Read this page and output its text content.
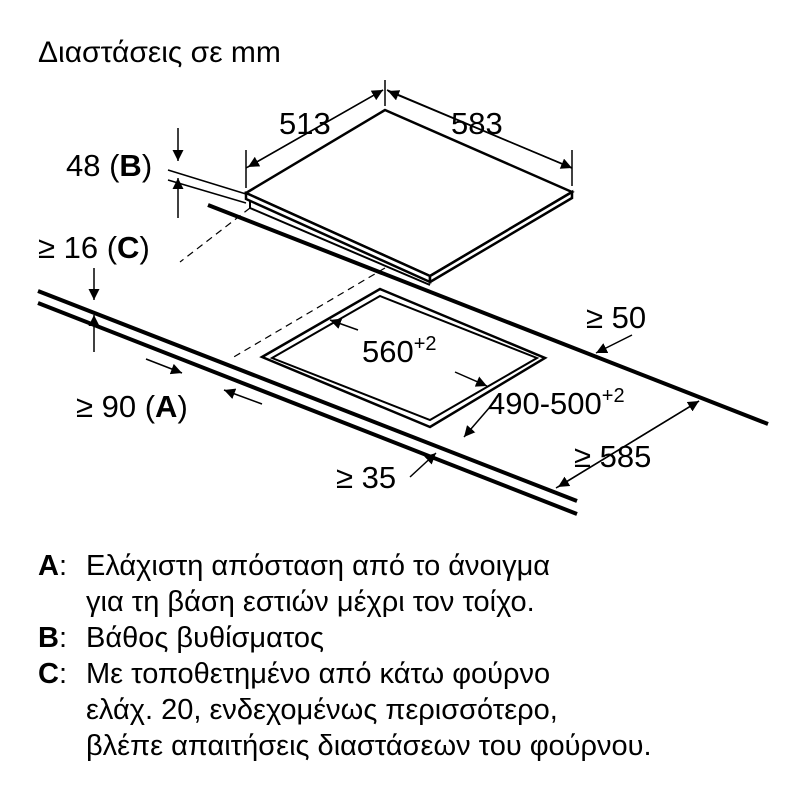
Διαστάσεις σε mm
513	583
48 (B)
≥ 16 (C)
≥ 90 (A)
≥ 50
$560^{+2}$
$490-500^{+2}$
≥ 585
≥ 35
A: Ελάχιστη απόσταση από το άνοιγμα
για τη βάση εστιών μέχρι τον τοίχο.
B: Βάθος βυθίσματος
C: Με τοποθετημένο από κάτω φούρνο
ελάχ. 20, ενδεχομένως περισσότερο,
βλέπε απαιτήσεις διαστάσεων του φούρνου.
